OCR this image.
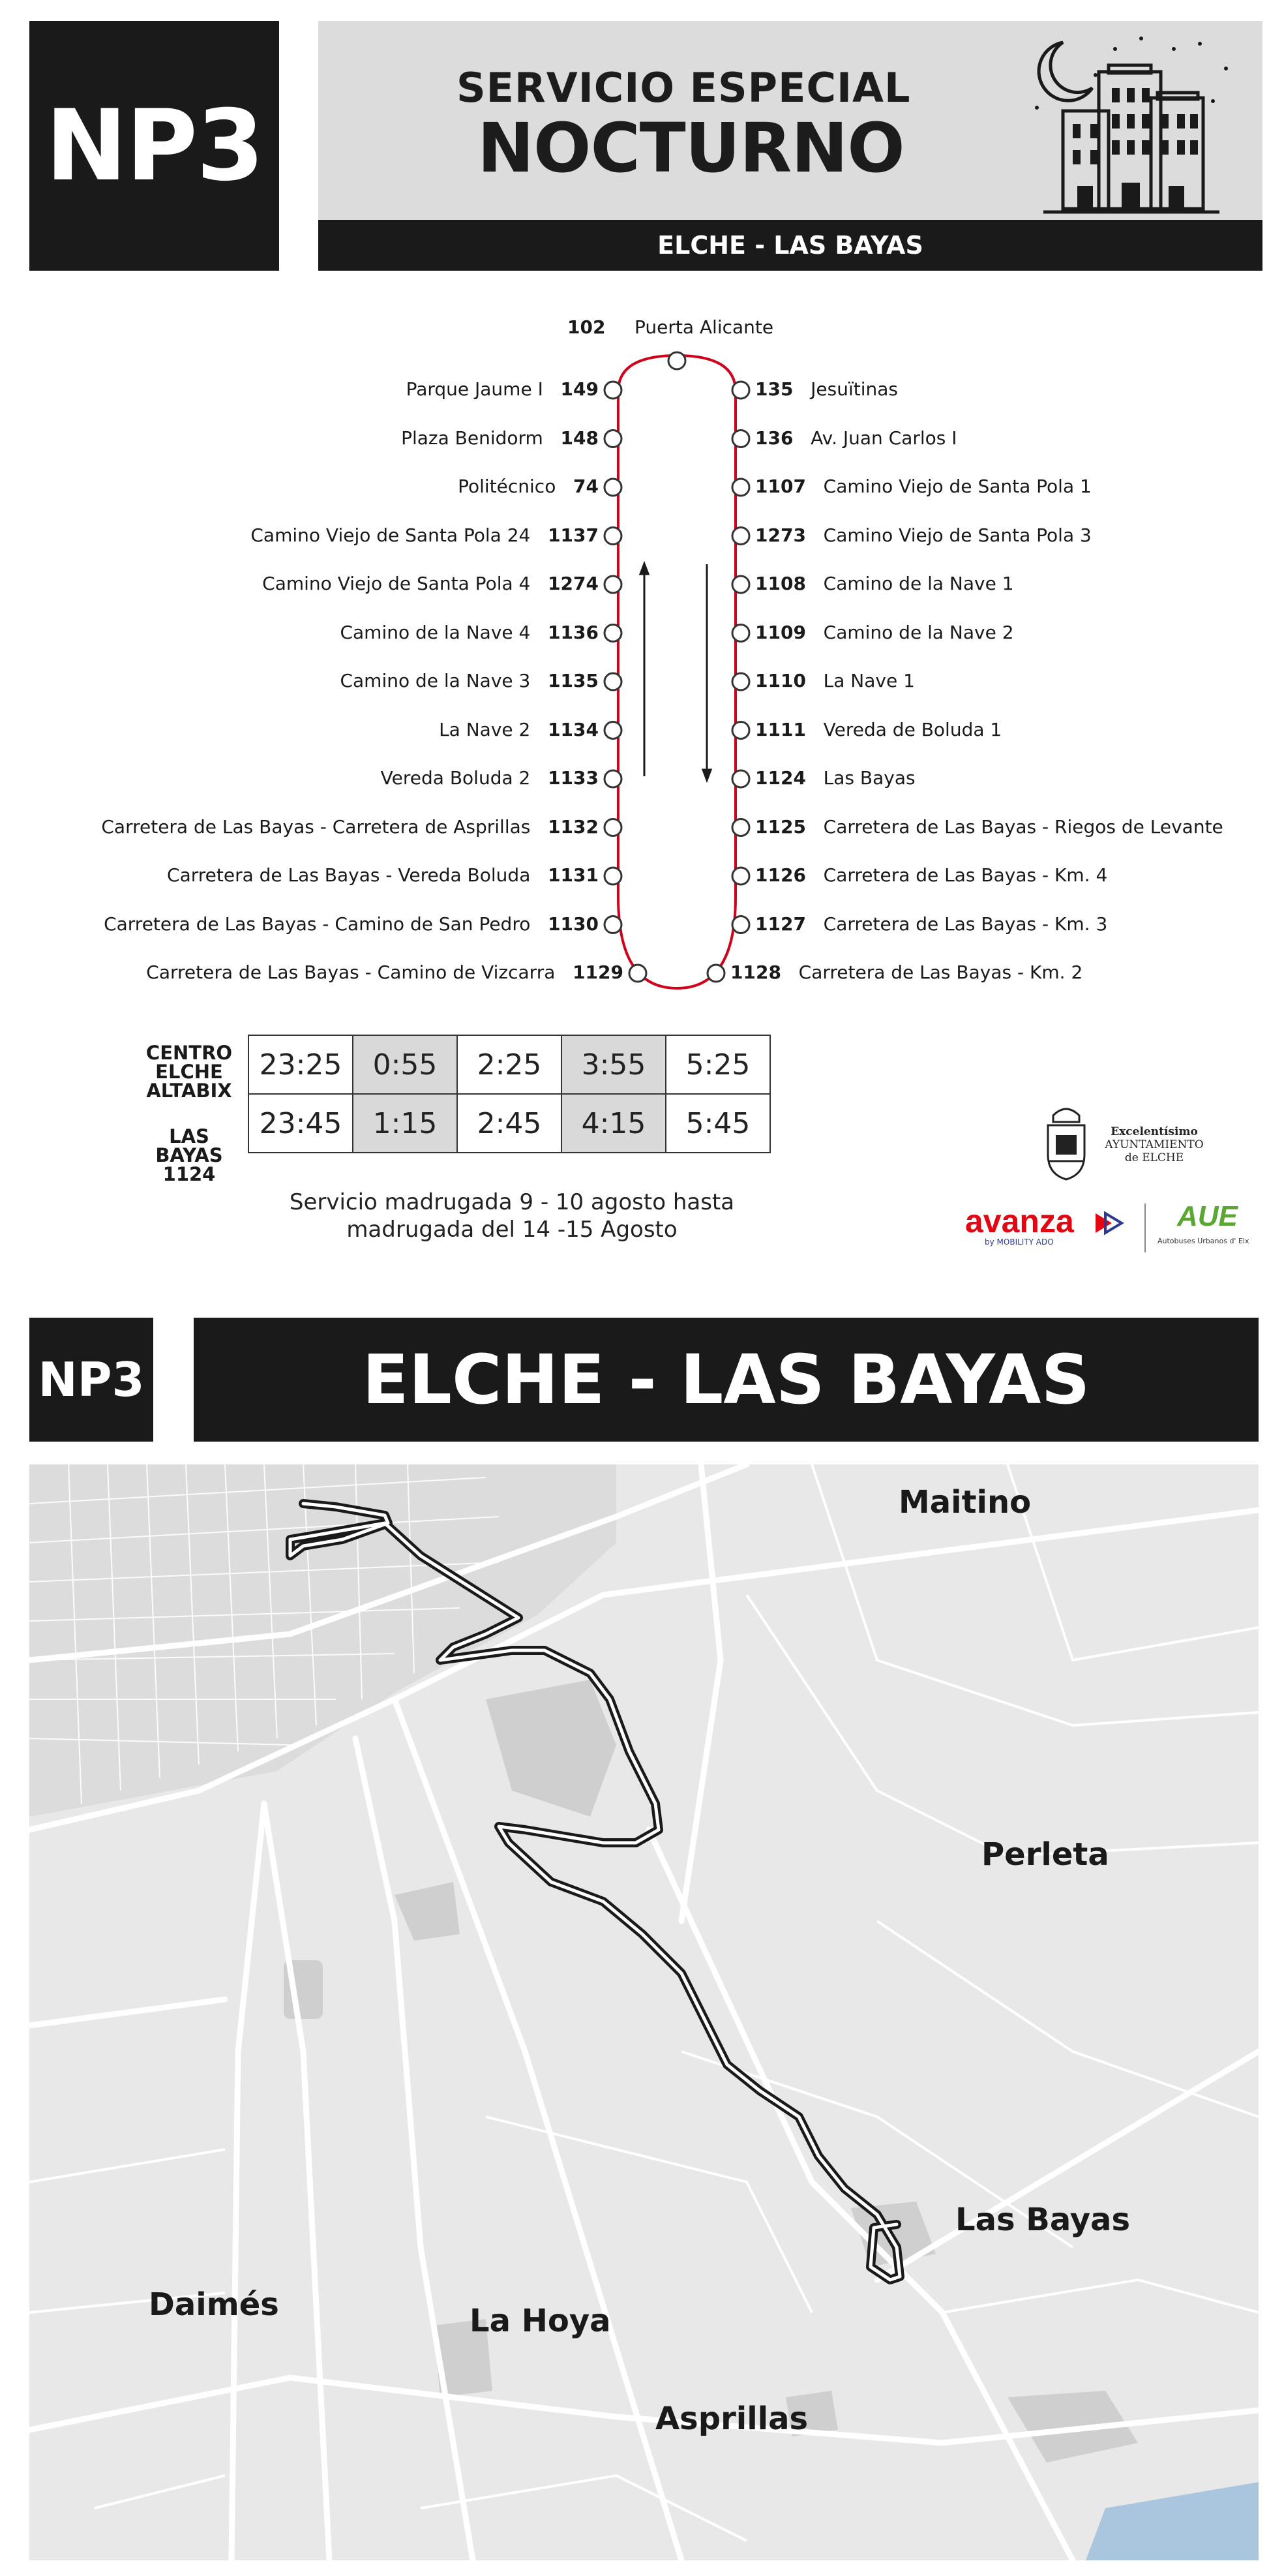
NP3
SERVICIO ESPECIAL
NOCTURNO
ELCHE - LAS BAYAS
102 Puerta Alicante
Parque Jaume I 149
Plaza Benidorm 148
Politécnico 74
Camino Viejo de Santa Pola 24 1137
Camino Viejo de Santa Pola 4 1274
Camino de la Nave 4 1136
Camino de la Nave 3 1135
La Nave 2 1134
Vereda Boluda 2 1133
Carretera de Las Bayas - Carretera de Asprillas 1132
Carretera de Las Bayas - Vereda Boluda 1131
Carretera de Las Bayas - Camino de San Pedro 1130
Carretera de Las Bayas - Camino de Vizcarra 1129
135 Jesuïtinas
136 Av. Juan Carlos I
1107 Camino Viejo de Santa Pola 1
1273 Camino Viejo de Santa Pola 3
1108 Camino de la Nave 1
1109 Camino de la Nave 2
1110 La Nave 1
1111 Vereda de Boluda 1
1124 Las Bayas
1125 Carretera de Las Bayas - Riegos de Levante
1126 Carretera de Las Bayas - Km. 4
1127 Carretera de Las Bayas - Km. 3
1128 Carretera de Las Bayas - Km. 2
CENTRO
ELCHE
ALTABIX
LAS BAYAS
1124
23:25	0:55	2:25	3:55	5:25
23:45	1:15	2:45	4:15	5:45
Servicio madrugada 9 - 10 agosto hasta
madrugada del 14 -15 Agosto
Excelentísimo
AYUNTAMIENTO
de ELCHE
avanza
by MOBILITY ADO
AUE
Autobuses Urbanos d' Elx
NP3	ELCHE - LAS BAYAS
Maitino
Perleta
Las Bayas
Daimés	La Hoya
Asprillas
